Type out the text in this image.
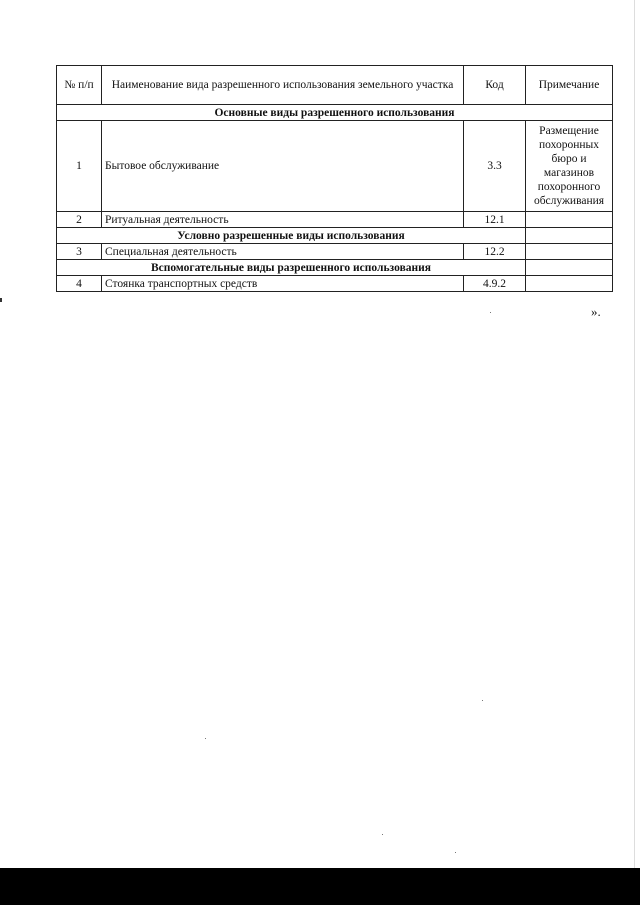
№ п/п	Наименование вида разрешенного использования земельного участка	Код	Примечание
Основные виды разрешенного использования			
1	Бытовое обслуживание	3.3	Размещение похоронных бюро и магазинов похоронного обслуживания
2	Ритуальная деятельность	12.1	
Условно разрешенные виды использования			
3	Специальная деятельность	12.2	
Вспомогательные виды разрешенного использования			
4	Стоянка транспортных средств	4.9.2	
».
